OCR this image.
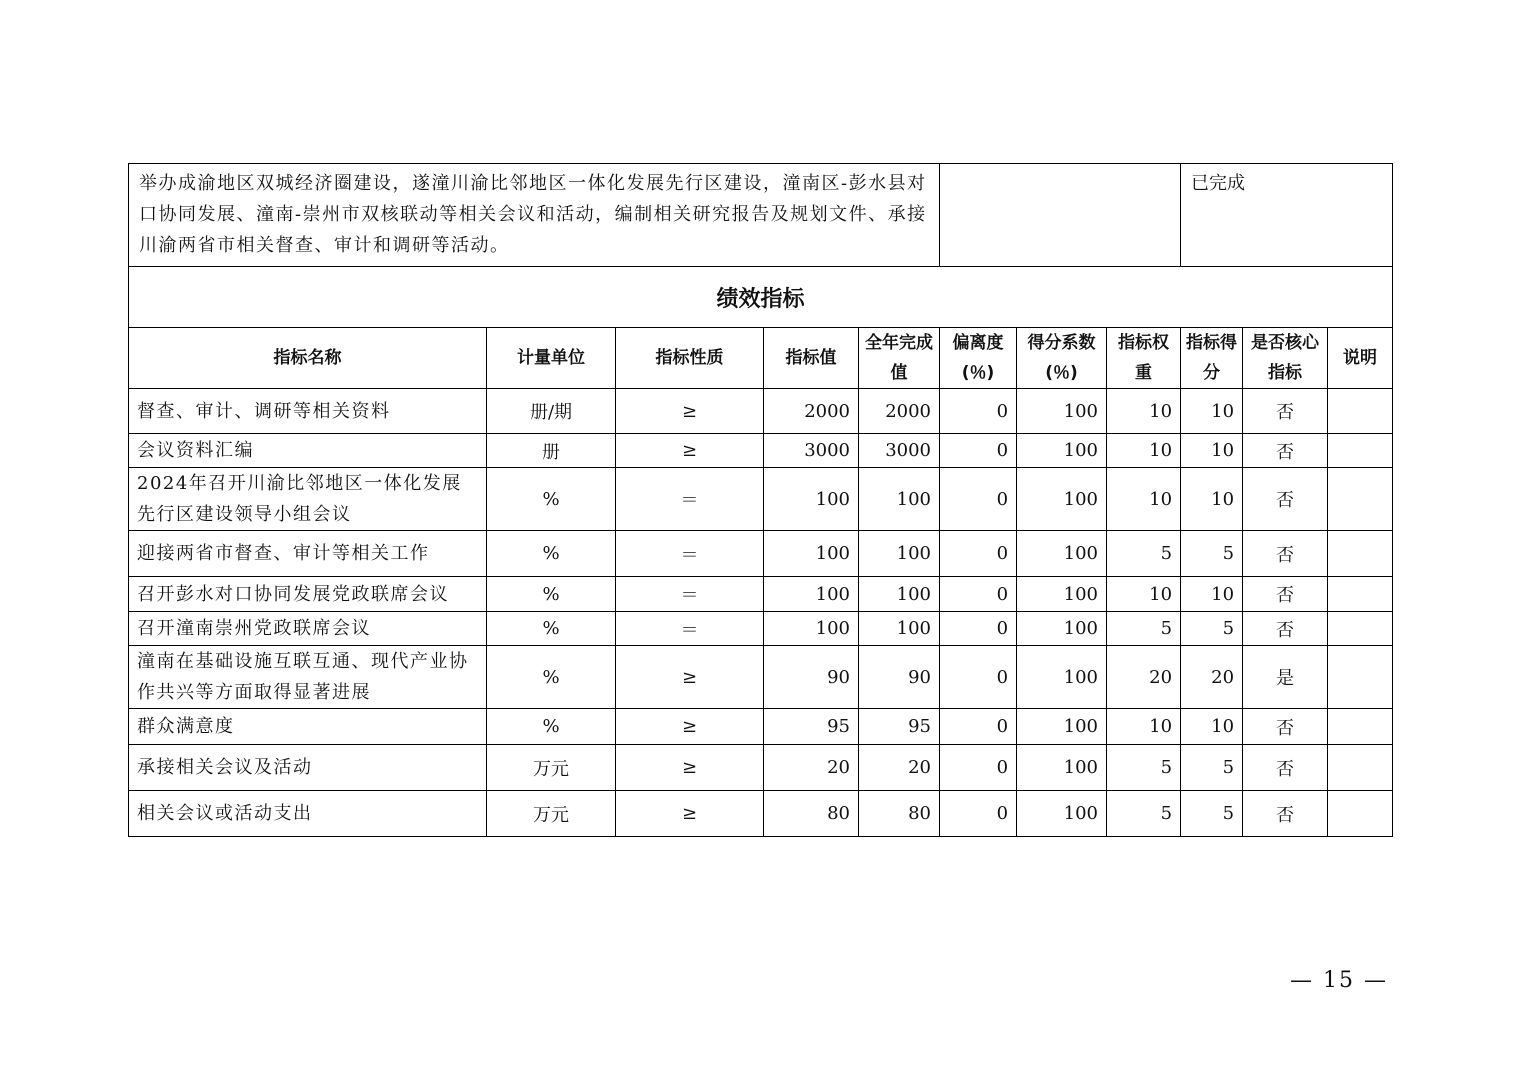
举办成渝地区双城经济圈建设，遂潼川渝比邻地区一体化发展先行区建设，潼南区-彭水县对口协同发展、潼南-崇州市双核联动等相关会议和活动，编制相关研究报告及规划文件、承接川渝两省市相关督查、审计和调研等活动。								已完成		
绩效指标										
指标名称	计量单位	指标性质	指标值	全年完成值	偏离度(％)	得分系数(％)	指标权重	指标得分	是否核心指标	说明
督查、审计、调研等相关资料	册/期	≥	2000	2000	0	100	10	10	否	
会议资料汇编	册	≥	3000	3000	0	100	10	10	否	
2024年召开川渝比邻地区一体化发展先行区建设领导小组会议	%	＝	100	100	0	100	10	10	否	
迎接两省市督查、审计等相关工作	%	＝	100	100	0	100	5	5	否	
召开彭水对口协同发展党政联席会议	%	＝	100	100	0	100	10	10	否	
召开潼南崇州党政联席会议	%	＝	100	100	0	100	5	5	否	
潼南在基础设施互联互通、现代产业协作共兴等方面取得显著进展	%	≥	90	90	0	100	20	20	是	
群众满意度	%	≥	95	95	0	100	10	10	否	
承接相关会议及活动	万元	≥	20	20	0	100	5	5	否	
相关会议或活动支出	万元	≥	80	80	0	100	5	5	否	
— 15 —
